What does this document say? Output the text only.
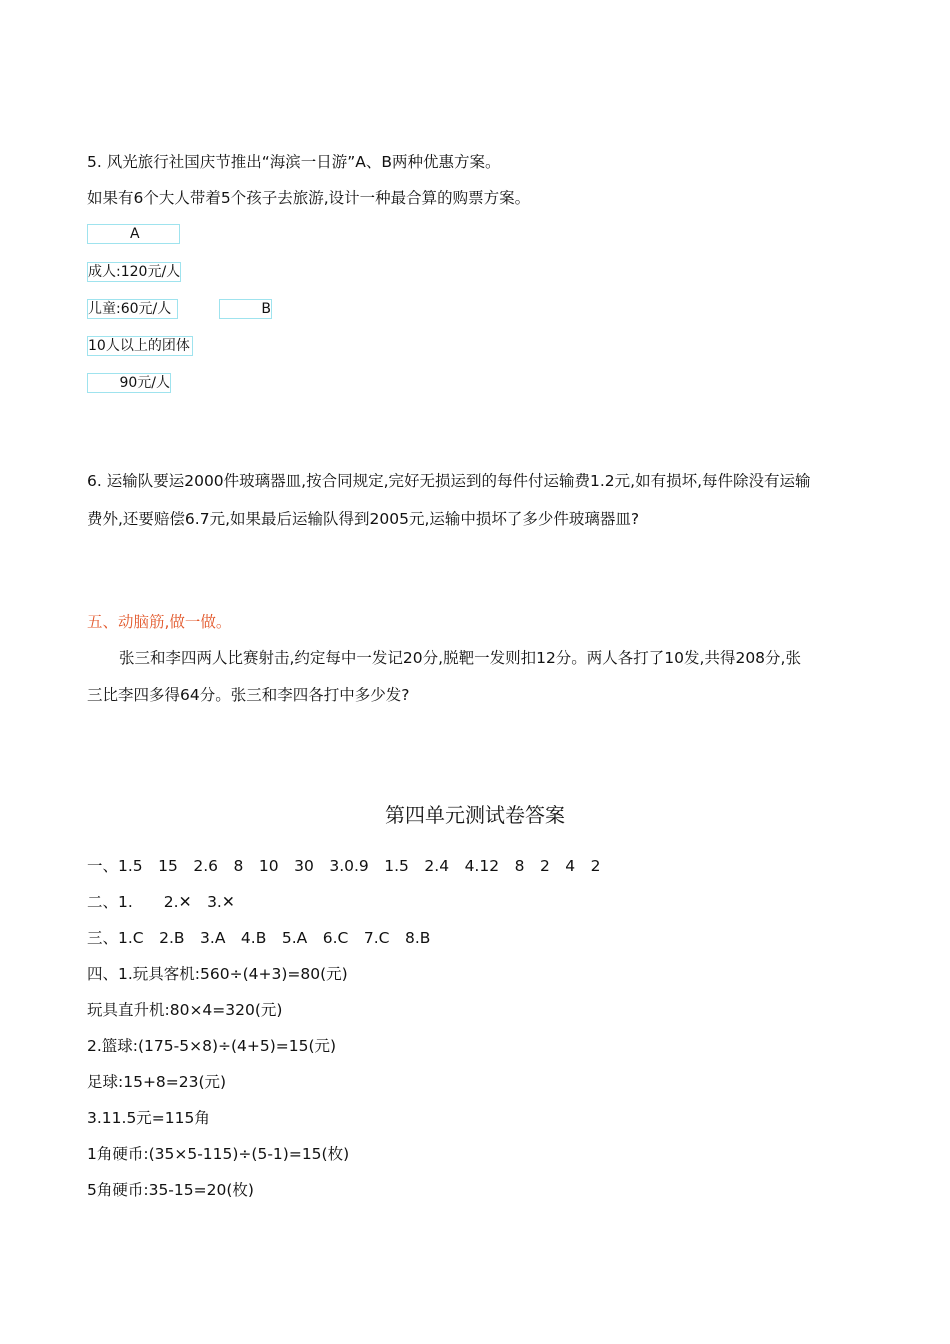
5. 风光旅行社国庆节推出“海滨一日游”A、B两种优惠方案。
如果有6个大人带着5个孩子去旅游,设计一种最合算的购票方案。
A
成人:120元/人
儿童:60元/人	B
10人以上的团体
90元/人
6. 运输队要运2000件玻璃器皿,按合同规定,完好无损运到的每件付运输费1.2元,如有损坏,每件除没有运输
费外,还要赔偿6.7元,如果最后运输队得到2005元,运输中损坏了多少件玻璃器皿?
五、动脑筋,做一做。
张三和李四两人比赛射击,约定每中一发记20分,脱靶一发则扣12分。两人各打了10发,共得208分,张
三比李四多得64分。张三和李四各打中多少发?
第四单元测试卷答案
一、1.5　15　2.6　8　10　30　3.0.9　1.5　2.4　4.12　8　2　4　2
二、1.　　2.✕　3.✕
三、1.C　2.B　3.A　4.B　5.A　6.C　7.C　8.B
四、1.玩具客机:560÷(4+3)=80(元)
玩具直升机:80×4=320(元)
2.篮球:(175-5×8)÷(4+5)=15(元)
足球:15+8=23(元)
3.11.5元=115角
1角硬币:(35×5-115)÷(5-1)=15(枚)
5角硬币:35-15=20(枚)
